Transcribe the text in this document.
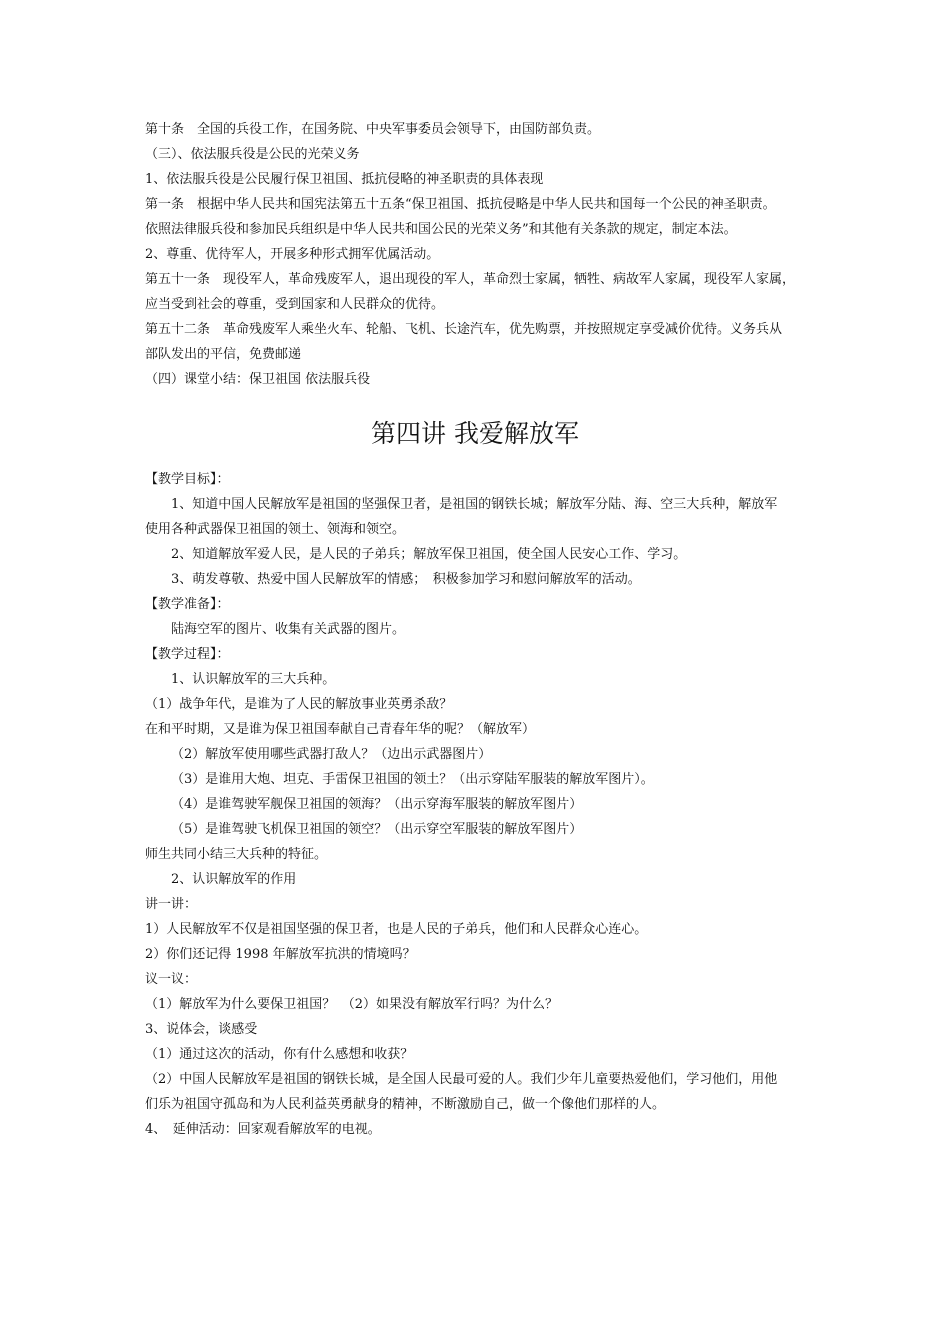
第十条　全国的兵役工作，在国务院、中央军事委员会领导下，由国防部负责。
（三）、依法服兵役是公民的光荣义务
1、依法服兵役是公民履行保卫祖国、抵抗侵略的神圣职责的具体表现
第一条　根据中华人民共和国宪法第五十五条“保卫祖国、抵抗侵略是中华人民共和国每一个公民的神圣职责。
依照法律服兵役和参加民兵组织是中华人民共和国公民的光荣义务”和其他有关条款的规定，制定本法。
2、尊重、优待军人，开展多种形式拥军优属活动。
第五十一条　现役军人，革命残废军人，退出现役的军人，革命烈士家属，牺牲、病故军人家属，现役军人家属，
应当受到社会的尊重，受到国家和人民群众的优待。
第五十二条　革命残废军人乘坐火车、轮船、飞机、长途汽车，优先购票，并按照规定享受减价优待。义务兵从
部队发出的平信，免费邮递
（四）课堂小结：保卫祖国 依法服兵役
第四讲 我爱解放军
【教学目标】：
1、知道中国人民解放军是祖国的坚强保卫者，是祖国的钢铁长城；解放军分陆、海、空三大兵种，解放军
使用各种武器保卫祖国的领土、领海和领空。
2、知道解放军爱人民，是人民的子弟兵；解放军保卫祖国，使全国人民安心工作、学习。
3、萌发尊敬、热爱中国人民解放军的情感；　积极参加学习和慰问解放军的活动。
【教学准备】：
陆海空军的图片、收集有关武器的图片。
【教学过程】：
1、认识解放军的三大兵种。
（1）战争年代，是谁为了人民的解放事业英勇杀敌？
在和平时期，又是谁为保卫祖国奉献自己青春年华的呢？（解放军）
（2）解放军使用哪些武器打敌人？（边出示武器图片）
（3）是谁用大炮、坦克、手雷保卫祖国的领土？（出示穿陆军服装的解放军图片）。
（4）是谁驾驶军舰保卫祖国的领海？（出示穿海军服装的解放军图片）
（5）是谁驾驶飞机保卫祖国的领空？（出示穿空军服装的解放军图片）
师生共同小结三大兵种的特征。
2、认识解放军的作用
讲一讲：
1）人民解放军不仅是祖国坚强的保卫者，也是人民的子弟兵，他们和人民群众心连心。
2）你们还记得 1998 年解放军抗洪的情境吗？
议一议：
（1）解放军为什么要保卫祖国？　（2）如果没有解放军行吗？为什么？
3、说体会，谈感受
（1）通过这次的活动，你有什么感想和收获？
（2）中国人民解放军是祖国的钢铁长城，是全国人民最可爱的人。我们少年儿童要热爱他们，学习他们，用他
们乐为祖国守孤岛和为人民利益英勇献身的精神，不断激励自己，做一个像他们那样的人。
4、　延伸活动：回家观看解放军的电视。
